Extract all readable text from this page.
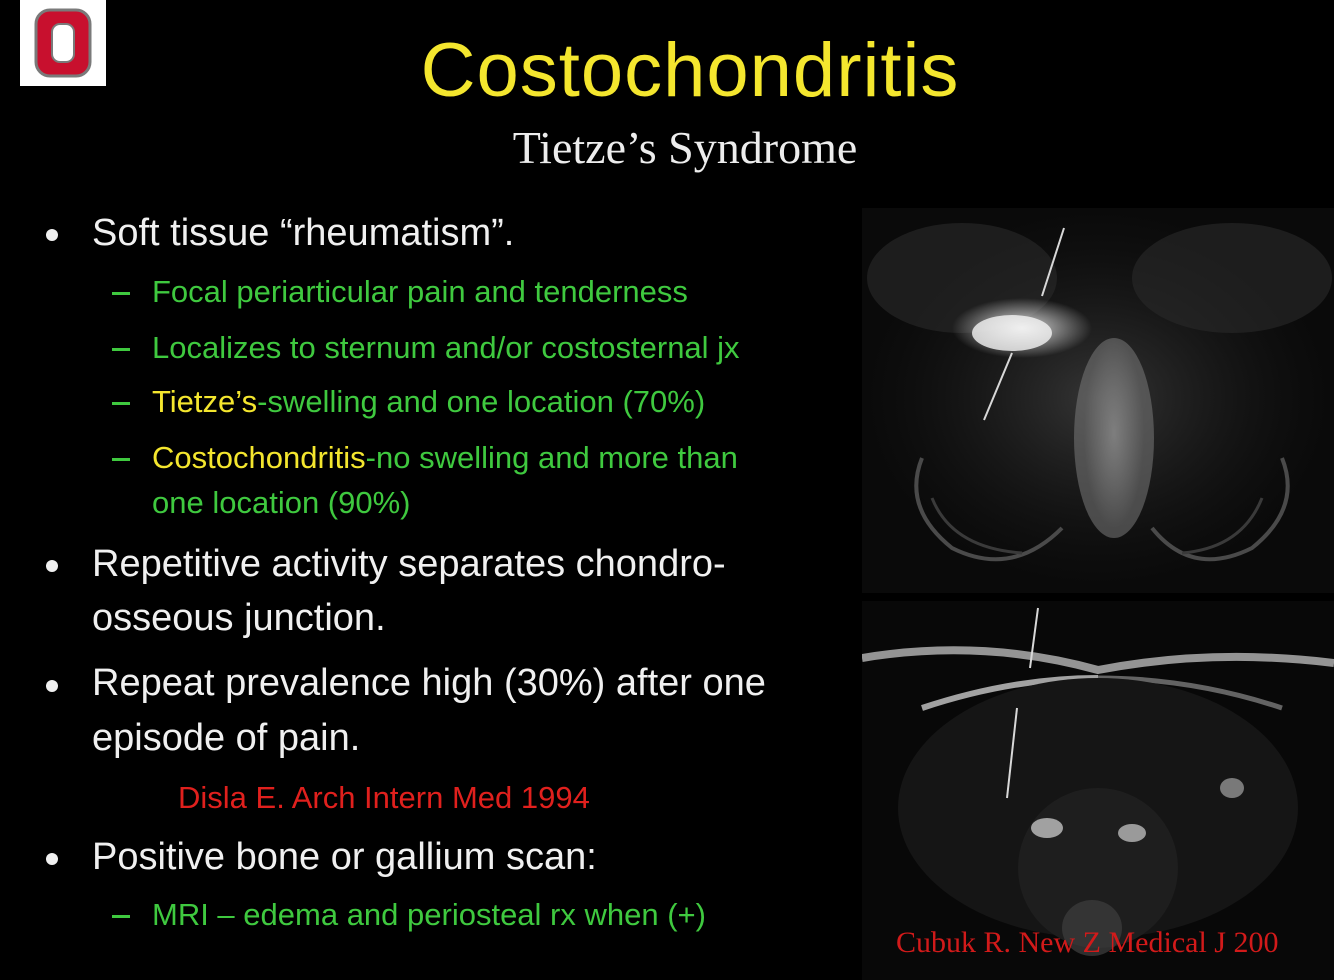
Costochondritis
Tietze’s Syndrome
Soft tissue “rheumatism”.
Focal periarticular pain and tenderness
Localizes to sternum and/or costosternal jx
Tietze’s-swelling and one location (70%)
Costochondritis-no swelling and more than
one location (90%)
Repetitive activity separates chondro-
osseous junction.
Repeat prevalence high (30%) after one
episode of pain.
Disla E. Arch Intern Med 1994
Positive bone or gallium scan:
MRI – edema and periosteal rx when (+)
Cubuk R. New Z Medical J 200
